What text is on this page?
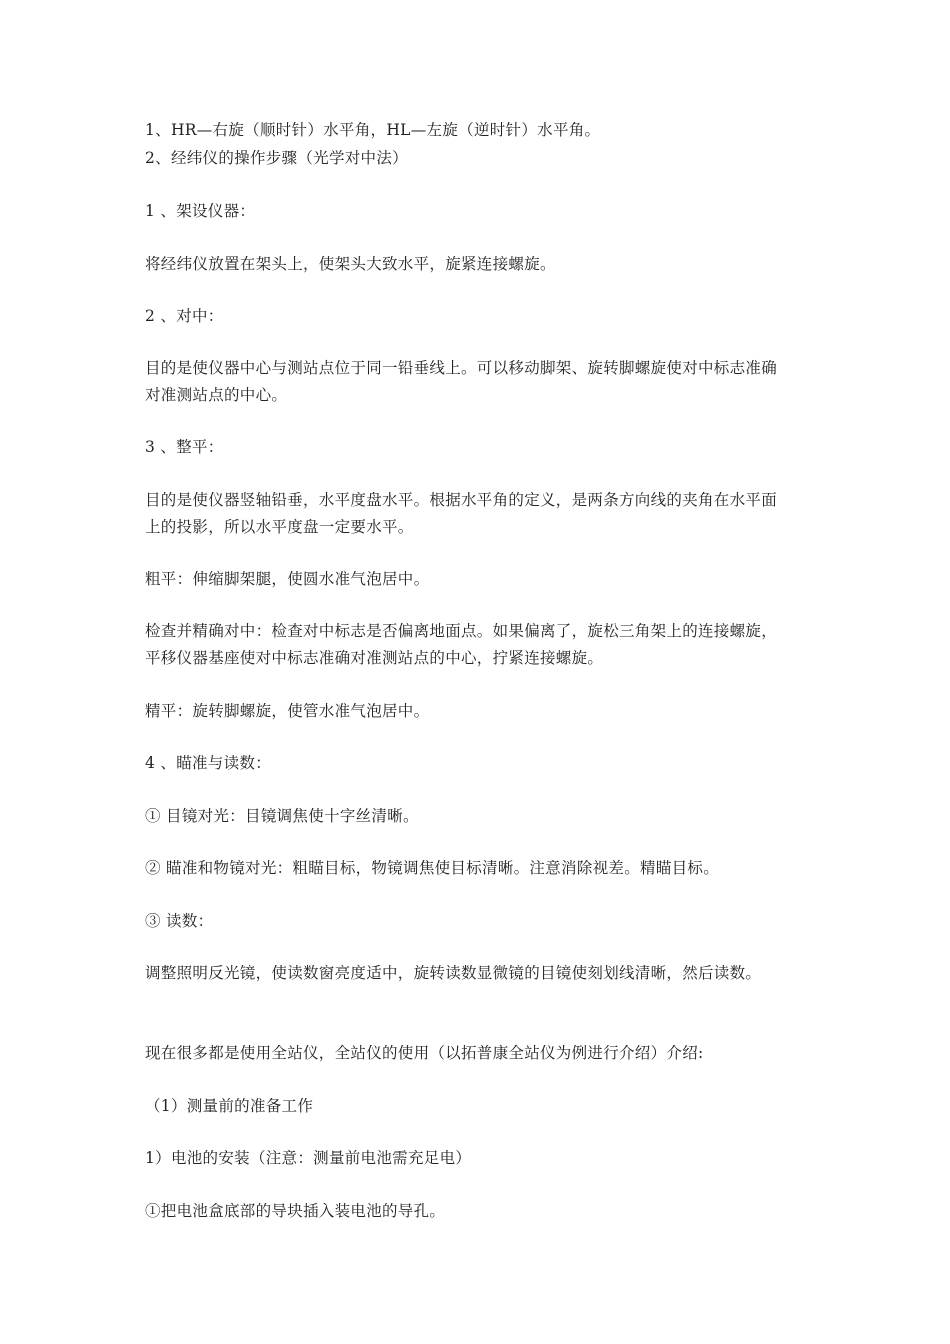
1、HR—右旋（顺时针）水平角，HL—左旋（逆时针）水平角。

2、经纬仪的操作步骤（光学对中法）

1 、架设仪器：

将经纬仪放置在架头上，使架头大致水平，旋紧连接螺旋。

2 、对中：

目的是使仪器中心与测站点位于同一铅垂线上。可以移动脚架、旋转脚螺旋使对中标志准确

对准测站点的中心。

3 、整平：

目的是使仪器竖轴铅垂，水平度盘水平。根据水平角的定义，是两条方向线的夹角在水平面

上的投影，所以水平度盘一定要水平。

粗平：伸缩脚架腿，使圆水准气泡居中。

检查并精确对中：检查对中标志是否偏离地面点。如果偏离了，旋松三角架上的连接螺旋，

平移仪器基座使对中标志准确对准测站点的中心，拧紧连接螺旋。

精平：旋转脚螺旋，使管水准气泡居中。

4 、瞄准与读数：

① 目镜对光：目镜调焦使十字丝清晰。

② 瞄准和物镜对光：粗瞄目标，物镜调焦使目标清晰。注意消除视差。精瞄目标。

③ 读数：

调整照明反光镜，使读数窗亮度适中，旋转读数显微镜的目镜使刻划线清晰，然后读数。

现在很多都是使用全站仪，全站仪的使用（以拓普康全站仪为例进行介绍）介绍:

（1）测量前的准备工作

1）电池的安装（注意：测量前电池需充足电）

①把电池盒底部的导块插入装电池的导孔。
